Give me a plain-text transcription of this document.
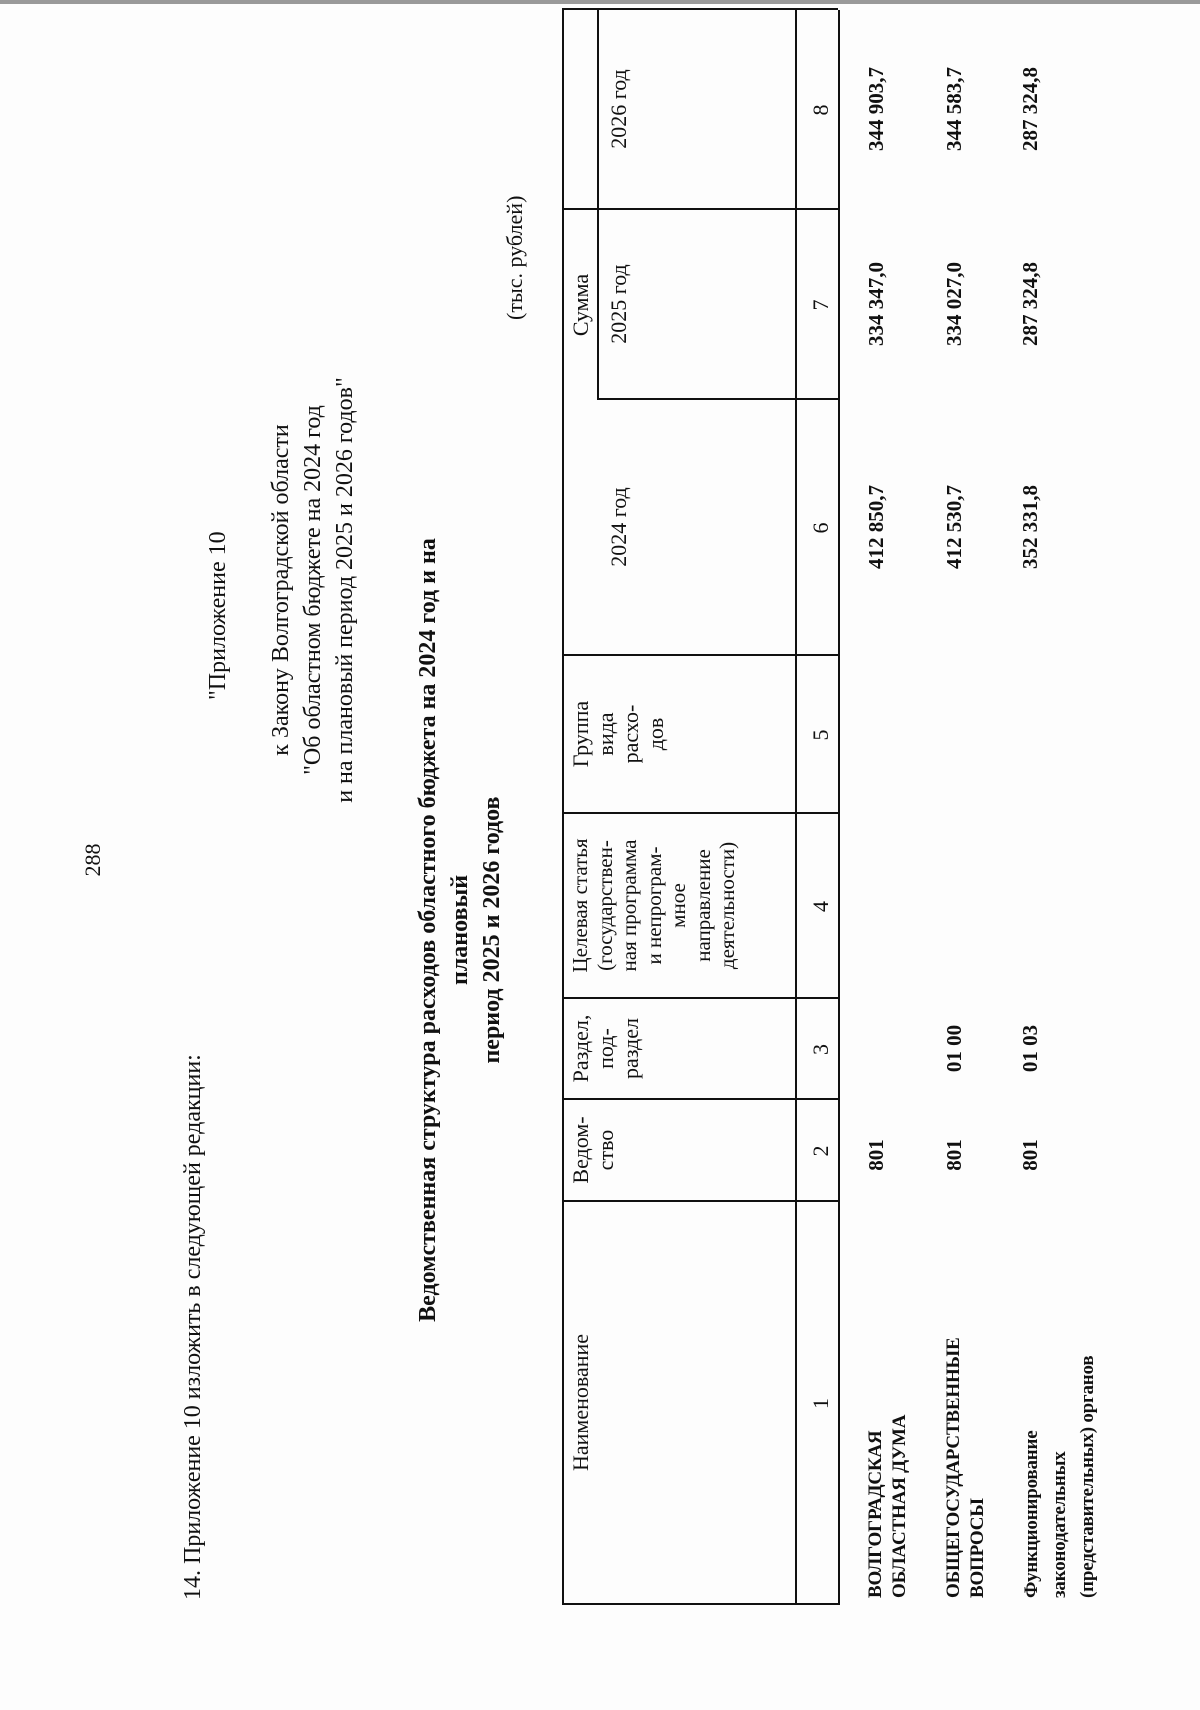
288
14. Приложение 10 изложить в следующей редакции:
"Приложение 10 к Закону Волгоградской области "Об областном бюджете на 2024 год и на плановый период 2025 и 2026 годов" Ведомственная структура расходов областного бюджета на 2024 год и на плановый период 2025 и 2026 годов
(тыс. рублей)
Наименование
Ведом-
ство
Раздел,
под-
раздел
Целевая статья
(государствен-
ная программа
и непрограм-
мное
направление
деятельности)
Группа
вида
расхо-
дов
Сумма
2024 год
2025 год
2026 год
1
2
3
4
5
6
7
8
ВОЛГОГРАДСКАЯ
ОБЛАСТНАЯ ДУМА
801
412 850,7
334 347,0
344 903,7
ОБЩЕГОСУДАРСТВЕННЫЕ
ВОПРОСЫ
801
01 00
412 530,7
334 027,0
344 583,7
Функционирование
законодательных
(представительных) органов
801
01 03
352 331,8
287 324,8
287 324,8
